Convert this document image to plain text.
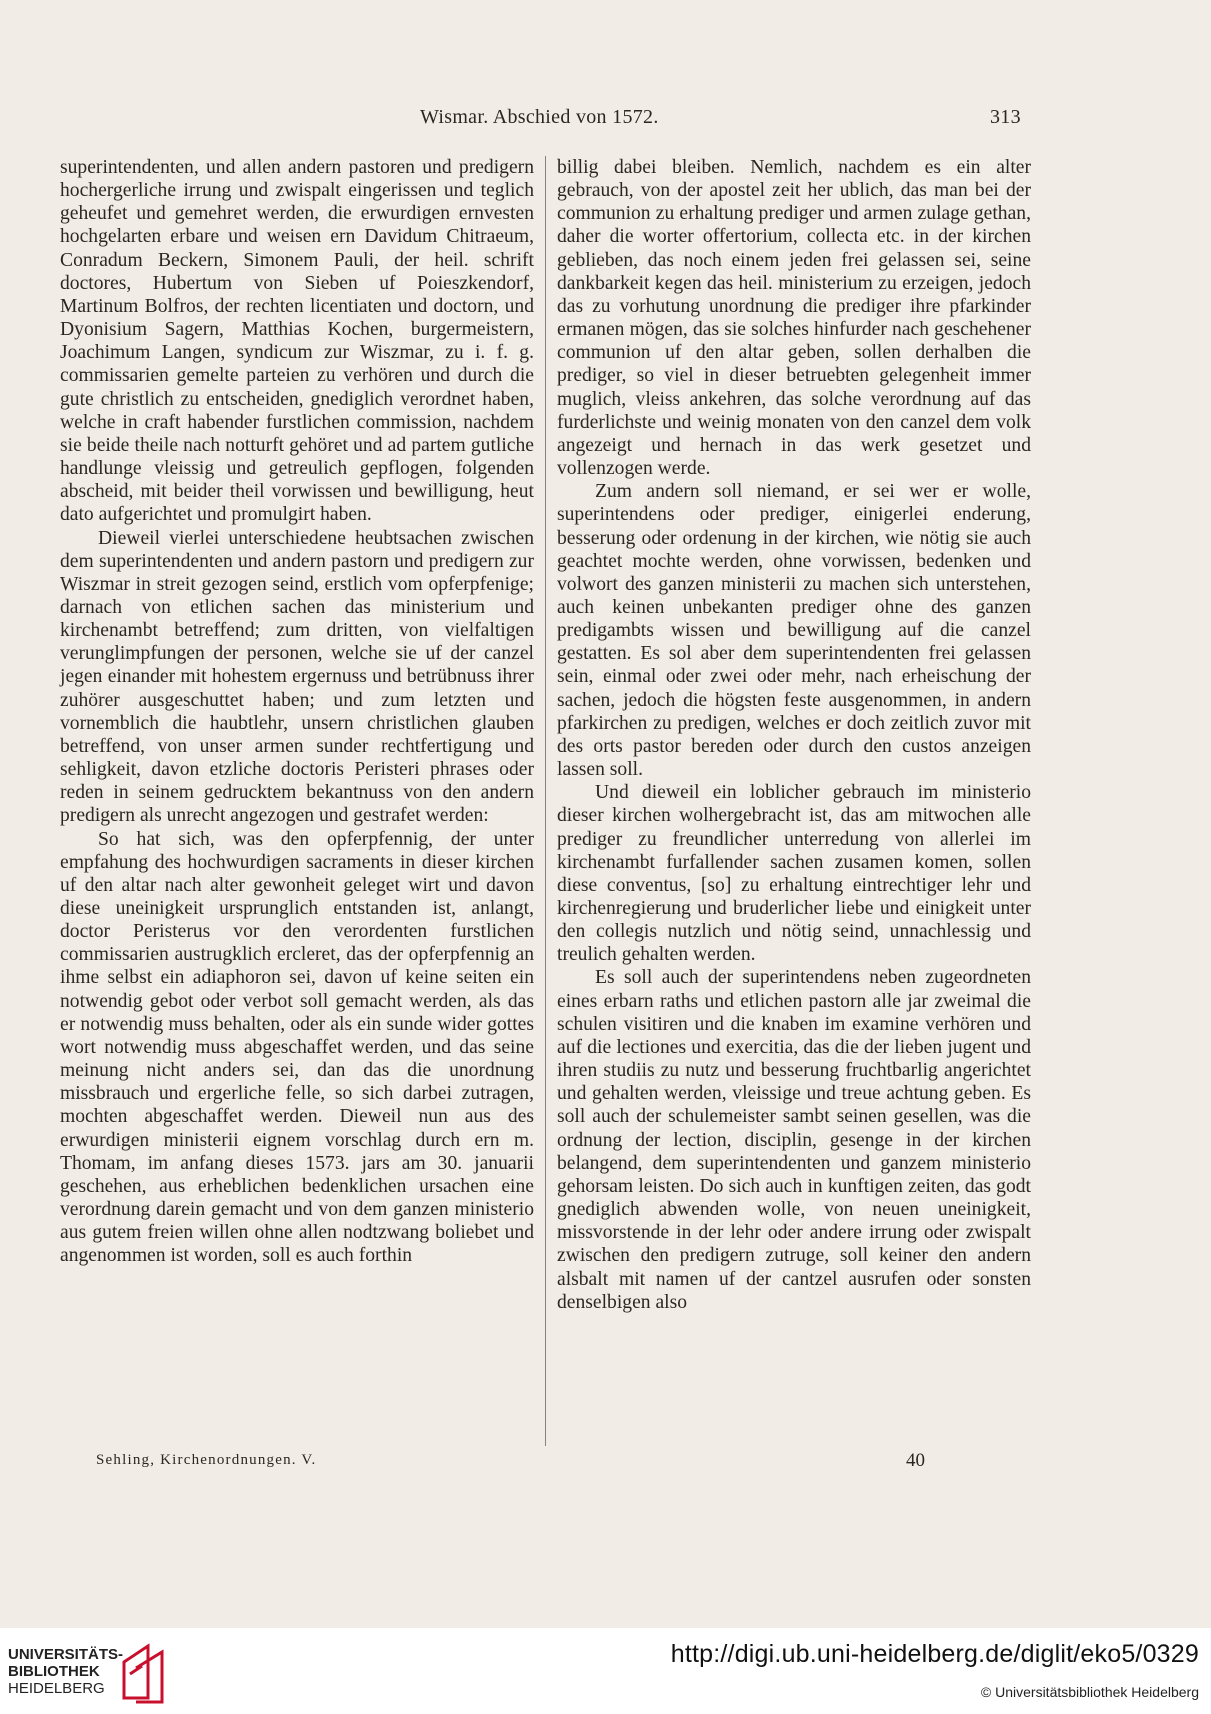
Wismar. Abschied von 1572.	313

superintendenten, und allen andern pastoren und predigern hochergerliche irrung und zwispalt eingerissen und teglich geheufet und gemehret werden, die erwurdigen ernvesten hochgelarten erbare und weisen ern Davidum Chitraeum, Conradum Beckern, Simonem Pauli, der heil. schrift doctores, Hubertum von Sieben uf Poieszkendorf, Martinum Bolfros, der rechten licentiaten und doctorn, und Dyonisium Sagern, Matthias Kochen, burgermeistern, Joachimum Langen, syndicum zur Wiszmar, zu i. f. g. commissarien gemelte parteien zu verhören und durch die gute christlich zu entscheiden, gnediglich verordnet haben, welche in craft habender furstlichen commission, nachdem sie beide theile nach notturft gehöret und ad partem gutliche handlunge vleissig und getreulich gepflogen, folgenden abscheid, mit beider theil vorwissen und bewilligung, heut dato aufgerichtet und promulgirt haben.

Dieweil vierlei unterschiedene heubtsachen zwischen dem superintendenten und andern pastorn und predigern zur Wiszmar in streit gezogen seind, erstlich vom opferpfenige; darnach von etlichen sachen das ministerium und kirchenambt betreffend; zum dritten, von vielfaltigen verunglimpfungen der personen, welche sie uf der canzel jegen einander mit hohestem ergernuss und betrübnuss ihrer zuhörer ausgeschuttet haben; und zum letzten und vornemblich die haubtlehr, unsern christlichen glauben betreffend, von unser armen sunder rechtfertigung und sehligkeit, davon etzliche doctoris Peristeri phrases oder reden in seinem gedrucktem bekantnuss von den andern predigern als unrecht angezogen und gestrafet werden:

So hat sich, was den opferpfennig, der unter empfahung des hochwurdigen sacraments in dieser kirchen uf den altar nach alter gewonheit geleget wirt und davon diese uneinigkeit ursprunglich entstanden ist, anlangt, doctor Peristerus vor den verordenten furstlichen commissarien austrugklich ercleret, das der opferpfennig an ihme selbst ein adiaphoron sei, davon uf keine seiten ein notwendig gebot oder verbot soll gemacht werden, als das er notwendig muss behalten, oder als ein sunde wider gottes wort notwendig muss abgeschaffet werden, und das seine meinung nicht anders sei, dan das die unordnung missbrauch und ergerliche felle, so sich darbei zutragen, mochten abgeschaffet werden. Dieweil nun aus des erwurdigen ministerii eignem vorschlag durch ern m. Thomam, im anfang dieses 1573. jars am 30. januarii geschehen, aus erheblichen bedenklichen ursachen eine verordnung darein gemacht und von dem ganzen ministerio aus gutem freien willen ohne allen nodtzwang boliebet und angenommen ist worden, soll es auch forthin

billig dabei bleiben. Nemlich, nachdem es ein alter gebrauch, von der apostel zeit her ublich, das man bei der communion zu erhaltung prediger und armen zulage gethan, daher die worter offertorium, collecta etc. in der kirchen geblieben, das noch einem jeden frei gelassen sei, seine dankbarkeit kegen das heil. ministerium zu erzeigen, jedoch das zu vorhutung unordnung die prediger ihre pfarkinder ermanen mögen, das sie solches hinfurder nach geschehener communion uf den altar geben, sollen derhalben die prediger, so viel in dieser betruebten gelegenheit immer muglich, vleiss ankehren, das solche verordnung auf das furderlichste und weinig monaten von den canzel dem volk angezeigt und hernach in das werk gesetzet und vollenzogen werde.

Zum andern soll niemand, er sei wer er wolle, superintendens oder prediger, einigerlei enderung, besserung oder ordenung in der kirchen, wie nötig sie auch geachtet mochte werden, ohne vorwissen, bedenken und volwort des ganzen ministerii zu machen sich unterstehen, auch keinen unbekanten prediger ohne des ganzen predigambts wissen und bewilligung auf die canzel gestatten. Es sol aber dem superintendenten frei gelassen sein, einmal oder zwei oder mehr, nach erheischung der sachen, jedoch die högsten feste ausgenommen, in andern pfarkirchen zu predigen, welches er doch zeitlich zuvor mit des orts pastor bereden oder durch den custos anzeigen lassen soll.

Und dieweil ein loblicher gebrauch im ministerio dieser kirchen wolhergebracht ist, das am mitwochen alle prediger zu freundlicher unterredung von allerlei im kirchenambt furfallender sachen zusamen komen, sollen diese conventus, [so] zu erhaltung eintrechtiger lehr und kirchenregierung und bruderlicher liebe und einigkeit unter den collegis nutzlich und nötig seind, unnachlessig und treulich gehalten werden.

Es soll auch der superintendens neben zugeordneten eines erbarn raths und etlichen pastorn alle jar zweimal die schulen visitiren und die knaben im examine verhören und auf die lectiones und exercitia, das die der lieben jugent und ihren studiis zu nutz und besserung fruchtbarlig angerichtet und gehalten werden, vleissige und treue achtung geben. Es soll auch der schulemeister sambt seinen gesellen, was die ordnung der lection, disciplin, gesenge in der kirchen belangend, dem superintendenten und ganzem ministerio gehorsam leisten. Do sich auch in kunftigen zeiten, das godt gnediglich abwenden wolle, von neuen uneinigkeit, missvorstende in der lehr oder andere irrung oder zwispalt zwischen den predigern zutruge, soll keiner den andern alsbalt mit namen uf der cantzel ausrufen oder sonsten denselbigen also

Sehling, Kirchenordnungen. V.	40
UNIVERSITÄTS-
BIBLIOTHEK
HEIDELBERG
http://digi.ub.uni-heidelberg.de/diglit/eko5/0329
© Universitätsbibliothek Heidelberg
